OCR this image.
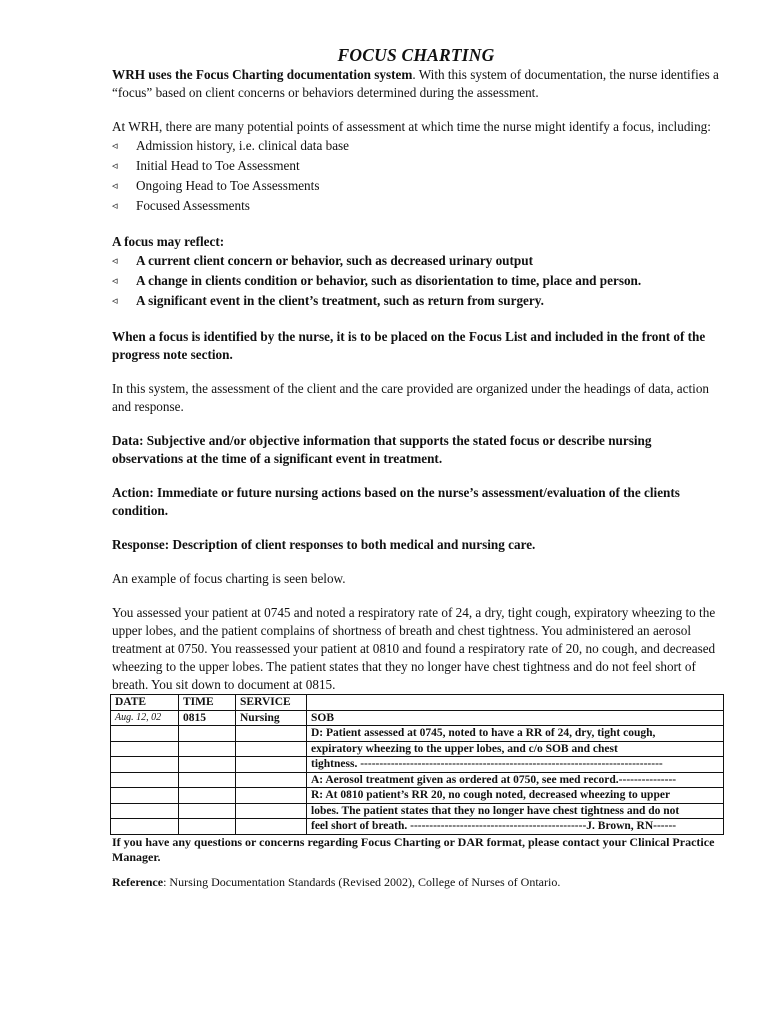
FOCUS CHARTING

WRH uses the Focus Charting documentation system. With this system of documentation, the nurse identifies a “focus” based on client concerns or behaviors determined during the assessment.

At WRH, there are many potential points of assessment at which time the nurse might identify a focus, including:

◃ Admission history, i.e. clinical data base
◃ Initial Head to Toe Assessment
◃ Ongoing Head to Toe Assessments
◃ Focused Assessments

A focus may reflect:

◃ A current client concern or behavior, such as decreased urinary output
◃ A change in clients condition or behavior, such as disorientation to time, place and person.
◃ A significant event in the client’s treatment, such as return from surgery.

When a focus is identified by the nurse, it is to be placed on the Focus List and included in the front of the progress note section.

In this system, the assessment of the client and the care provided are organized under the headings of data, action and response.

Data: Subjective and/or objective information that supports the stated focus or describe nursing observations at the time of a significant event in treatment.

Action: Immediate or future nursing actions based on the nurse’s assessment/evaluation of the clients condition.

Response: Description of client responses to both medical and nursing care.

An example of focus charting is seen below.

You assessed your patient at 0745 and noted a respiratory rate of 24, a dry, tight cough, expiratory wheezing to the upper lobes, and the patient complains of shortness of breath and chest tightness. You administered an aerosol treatment at 0750. You reassessed your patient at 0810 and found a respiratory rate of 20, no cough, and decreased wheezing to the upper lobes. The patient states that they no longer have chest tightness and do not feel short of breath. You sit down to document at 0815.

DATE	TIME	SERVICE	
Aug. 12, 02	0815	Nursing	SOB
			D: Patient assessed at 0745, noted to have a RR of 24, dry, tight cough,
			expiratory wheezing to the upper lobes, and c/o SOB and chest
			tightness. -------------------------------------------------------------------------------
			A: Aerosol treatment given as ordered at 0750, see med record.---------------
			R: At 0810 patient’s RR 20, no cough noted, decreased wheezing to upper
			lobes. The patient states that they no longer have chest tightness and do not
			feel short of breath. ----------------------------------------------J. Brown, RN------

If you have any questions or concerns regarding Focus Charting or DAR format, please contact your Clinical Practice Manager.

Reference: Nursing Documentation Standards (Revised 2002), College of Nurses of Ontario.
